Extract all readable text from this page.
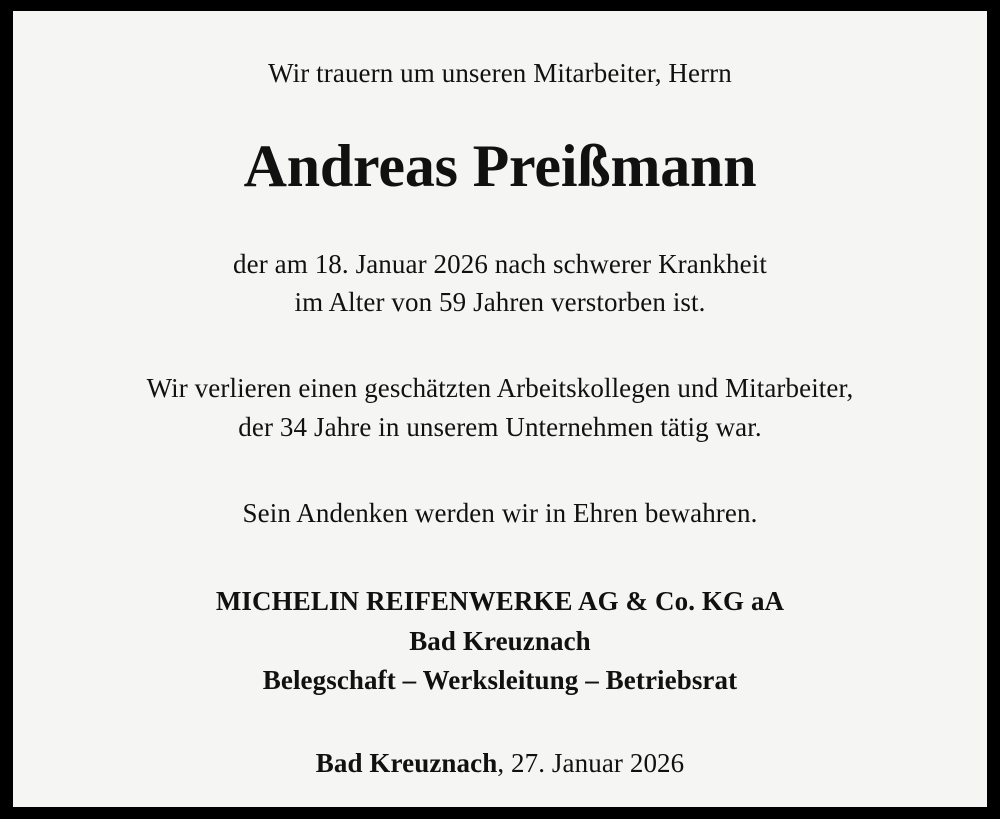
Wir trauern um unseren Mitarbeiter, Herrn
Andreas Preißmann
der am 18. Januar 2026 nach schwerer Krankheit
im Alter von 59 Jahren verstorben ist.
Wir verlieren einen geschätzten Arbeitskollegen und Mitarbeiter,
der 34 Jahre in unserem Unternehmen tätig war.
Sein Andenken werden wir in Ehren bewahren.
MICHELIN REIFENWERKE AG & Co. KG aA
Bad Kreuznach
Belegschaft – Werksleitung – Betriebsrat
Bad Kreuznach, 27. Januar 2026
